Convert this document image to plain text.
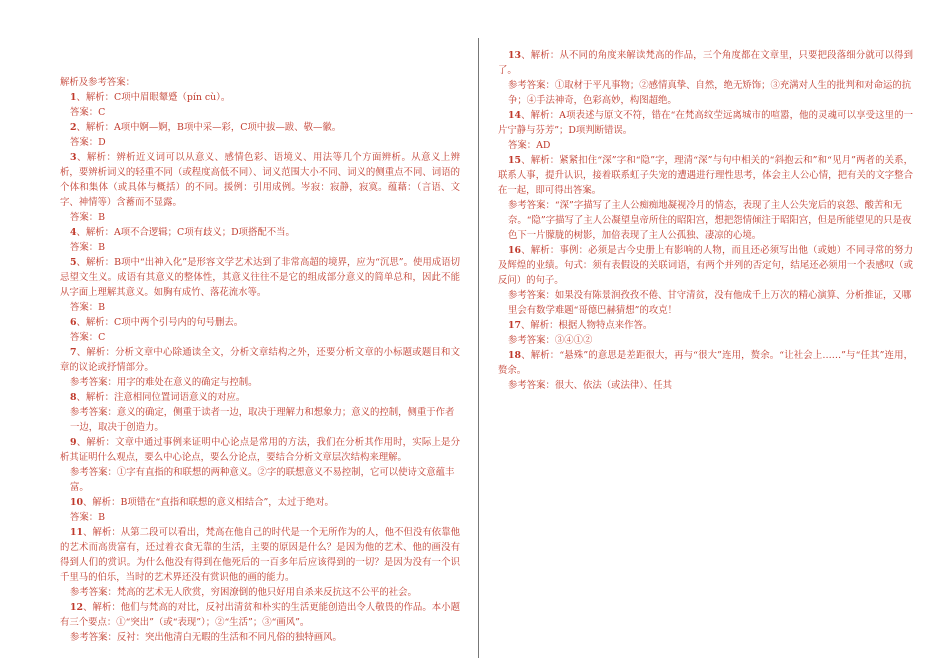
解析及参考答案：

1、解析：C项中眉眼颦蹙（pín cù）。

答案：C

2、解析：A项中婀—婀，B项中采—彩，C项中拔—跋、敬—徽。

答案：D

3、解析：辨析近义词可以从意义、感情色彩、语境义、用法等几个方面辨析。从意义上辨析，要辨析词义的轻重不同（或程度高低不同）、词义范围大小不同、词义的侧重点不同、词语的个体和集体（或具体与概括）的不同。援例：引用成例。岑寂：寂静，寂寞。蕴藉：（言语、文字、神情等）含蓄而不显露。

答案：B

4、解析：A项不合逻辑；C项有歧义；D项搭配不当。

答案：B

5、解析：B项中“出神入化”是形容文学艺术达到了非常高超的境界，应为“沉思”。使用成语切忌望文生义。成语有其意义的整体性，其意义往往不是它的组成部分意义的简单总和，因此不能从字面上理解其意义。如胸有成竹、落花流水等。

答案：B

6、解析：C项中两个引号内的句号删去。

答案：C

7、解析：分析文章中心除通读全文，分析文章结构之外，还要分析文章的小标题或题目和文章的议论或抒情部分。

参考答案：用字的难处在意义的确定与控制。

8、解析：注意相同位置词语意义的对应。

参考答案：意义的确定，侧重于读者一边，取决于理解力和想象力；意义的控制，侧重于作者一边，取决于创造力。

9、解析：文章中通过事例来证明中心论点是常用的方法，我们在分析其作用时，实际上是分析其证明什么观点，要么中心论点，要么分论点，要结合分析文章层次结构来理解。

参考答案：①字有直指的和联想的两种意义。②字的联想意义不易控制，它可以使诗文意蕴丰富。

10、解析：B项错在“直指和联想的意义相结合”，太过于绝对。

答案：B

11、解析：从第二段可以看出，梵高在他自己的时代是一个无所作为的人，他不但没有依靠他的艺术而高贵富有，还过着衣食无靠的生活，主要的原因是什么？是因为他的艺术、他的画没有得到人们的赏识。为什么他没有得到在他死后的一百多年后应该得到的一切？是因为没有一个识千里马的伯乐，当时的艺术界还没有赏识他的画的能力。

参考答案：梵高的艺术无人欣赏，穷困潦倒的他只好用自杀来反抗这不公平的社会。

12、解析：他们与梵高的对比，反衬出清贫和朴实的生活更能创造出令人敬畏的作品。本小题有三个要点：①“突出”（或“表现”）；②“生活”；③“画风”。

参考答案：反衬：突出他清白无暇的生活和不同凡俗的独特画风。

13、解析：从不同的角度来解读梵高的作品，三个角度都在文章里，只要把段落细分就可以得到了。

参考答案：①取材于平凡事物；②感情真挚、自然，绝无矫饰；③充满对人生的批判和对命运的抗争；④手法神奇，色彩高妙，构图超绝。

14、解析：A项表述与原文不符，错在“在梵高纹茔远离城市的喧嚣，他的灵魂可以享受这里的一片宁静与芬芳”；D项判断错误。

答案：AD

15、解析：紧紧扣住“深”字和“隐”字，理清“深”与句中相关的“斜抱云和”和“见月”两者的关系，联系人事，提升认识，接着联系虹子失宠的遭遇进行理性思考，体会主人公心情，把有关的文字整合在一起，即可得出答案。

参考答案：“深”字描写了主人公痴痴地凝视冷月的情态，表现了主人公失宠后的哀怨、酸苦和无奈。“隐”字描写了主人公凝望皇帝所住的昭阳宫，想把怨情倾注于昭阳宫，但是所能望见的只是夜色下一片朦胧的树影，加倍表现了主人公孤独、凄凉的心境。

16、解析：事例：必须是古今史册上有影响的人物，而且还必须写出他（或她）不同寻常的努力及辉煌的业绩。句式：须有表假设的关联词语，有两个并列的否定句，结尾还必须用一个表感叹（或反问）的句子。

参考答案：如果没有陈景润孜孜不倦、甘守清贫，没有他成千上万次的精心演算、分析推证，又哪里会有数学难题“哥德巴赫猜想”的攻克！

17、解析：根据人物特点来作答。

参考答案：③④①②

18、解析：“悬殊”的意思是差距很大，再与“很大”连用，赘余。“让社会上……”与“任其”连用，赘余。

参考答案：很大、依法（或法律）、任其
